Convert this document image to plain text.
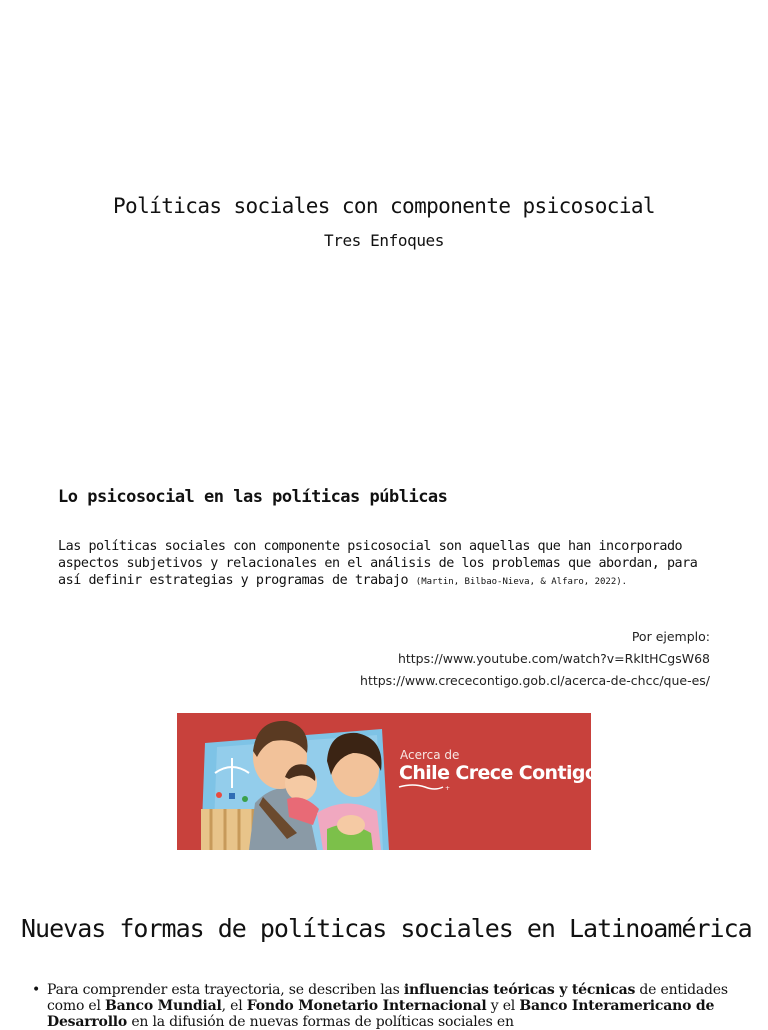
Políticas sociales con componente psicosocial
Tres Enfoques
Lo psicosocial en las políticas públicas
Las políticas sociales con componente psicosocial son aquellas que han incorporado aspectos subjetivos y relacionales en el análisis de los problemas que abordan, para así definir estrategias y programas de trabajo (Martin, Bilbao-Nieva, & Alfaro, 2022).
Por ejemplo:
https://www.youtube.com/watch?v=RkItHCgsW68
https://www.crececontigo.gob.cl/acerca-de-chcc/que-es/
+
Acerca de
Chile Crece Contigo
Nuevas formas de políticas sociales en Latinoamérica
• Para comprender esta trayectoria, se describen las influencias teóricas y técnicas de entidades como el Banco Mundial, el Fondo Monetario Internacional y el Banco Interamericano de Desarrollo en la difusión de nuevas formas de políticas sociales en
